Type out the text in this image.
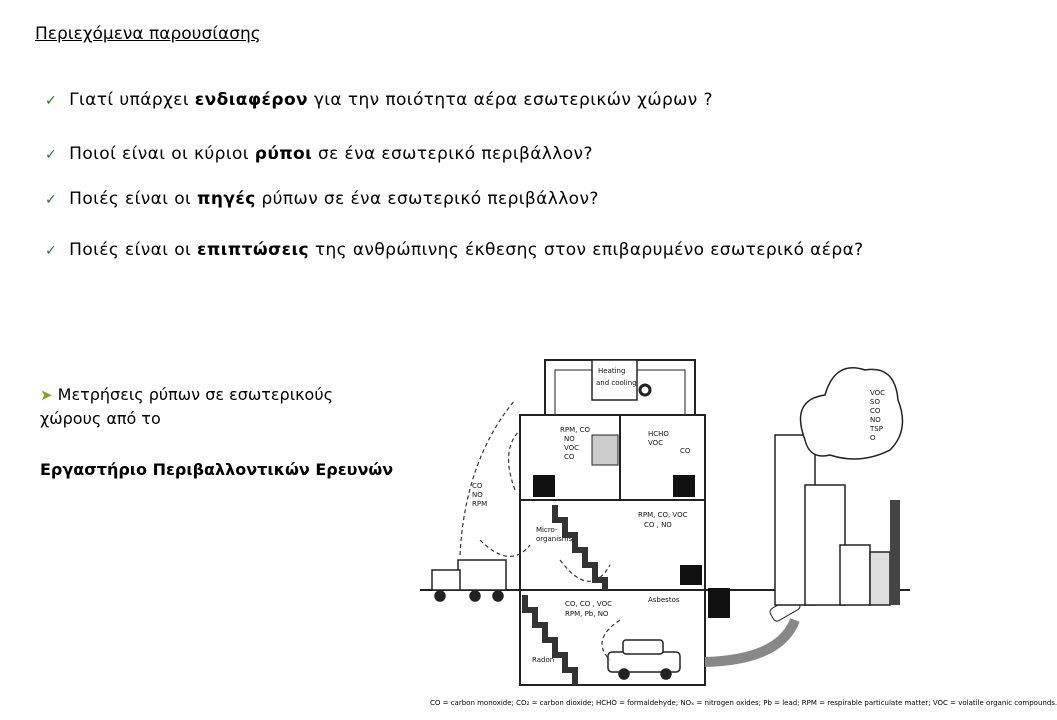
Περιεχόμενα παρουσίασης
✓ Γιατί υπάρχει ενδιαφέρον για την ποιότητα αέρα εσωτερικών χώρων ?
✓ Ποιοί είναι οι κύριοι ρύποι σε ένα εσωτερικό περιβάλλον?
✓ Ποιές είναι οι πηγές ρύπων σε ένα εσωτερικό περιβάλλον?
✓ Ποιές είναι οι επιπτώσεις της ανθρώπινης έκθεσης στον επιβαρυμένο εσωτερικό αέρα?
➤ Μετρήσεις ρύπων σε εσωτερικούς
χώρους από το
Εργαστήριο Περιβαλλοντικών Ερευνών
Heating
and cooling
RPM, CO
NO
VOC
CO
HCHO
VOC
CO
RPM, CO, VOC
CO , NO
Micro-
organisms
CO
NO
RPM
CO, CO , VOC
RPM, Pb, NO
Asbestos
Radon
VOC
SO
CO
NO
TSP
O
CO = carbon monoxide; CO₂ = carbon dioxide; HCHO = formaldehyde; NOₓ = nitrogen oxides; Pb = lead; RPM = respirable particulate matter; VOC = volatile organic compounds.
